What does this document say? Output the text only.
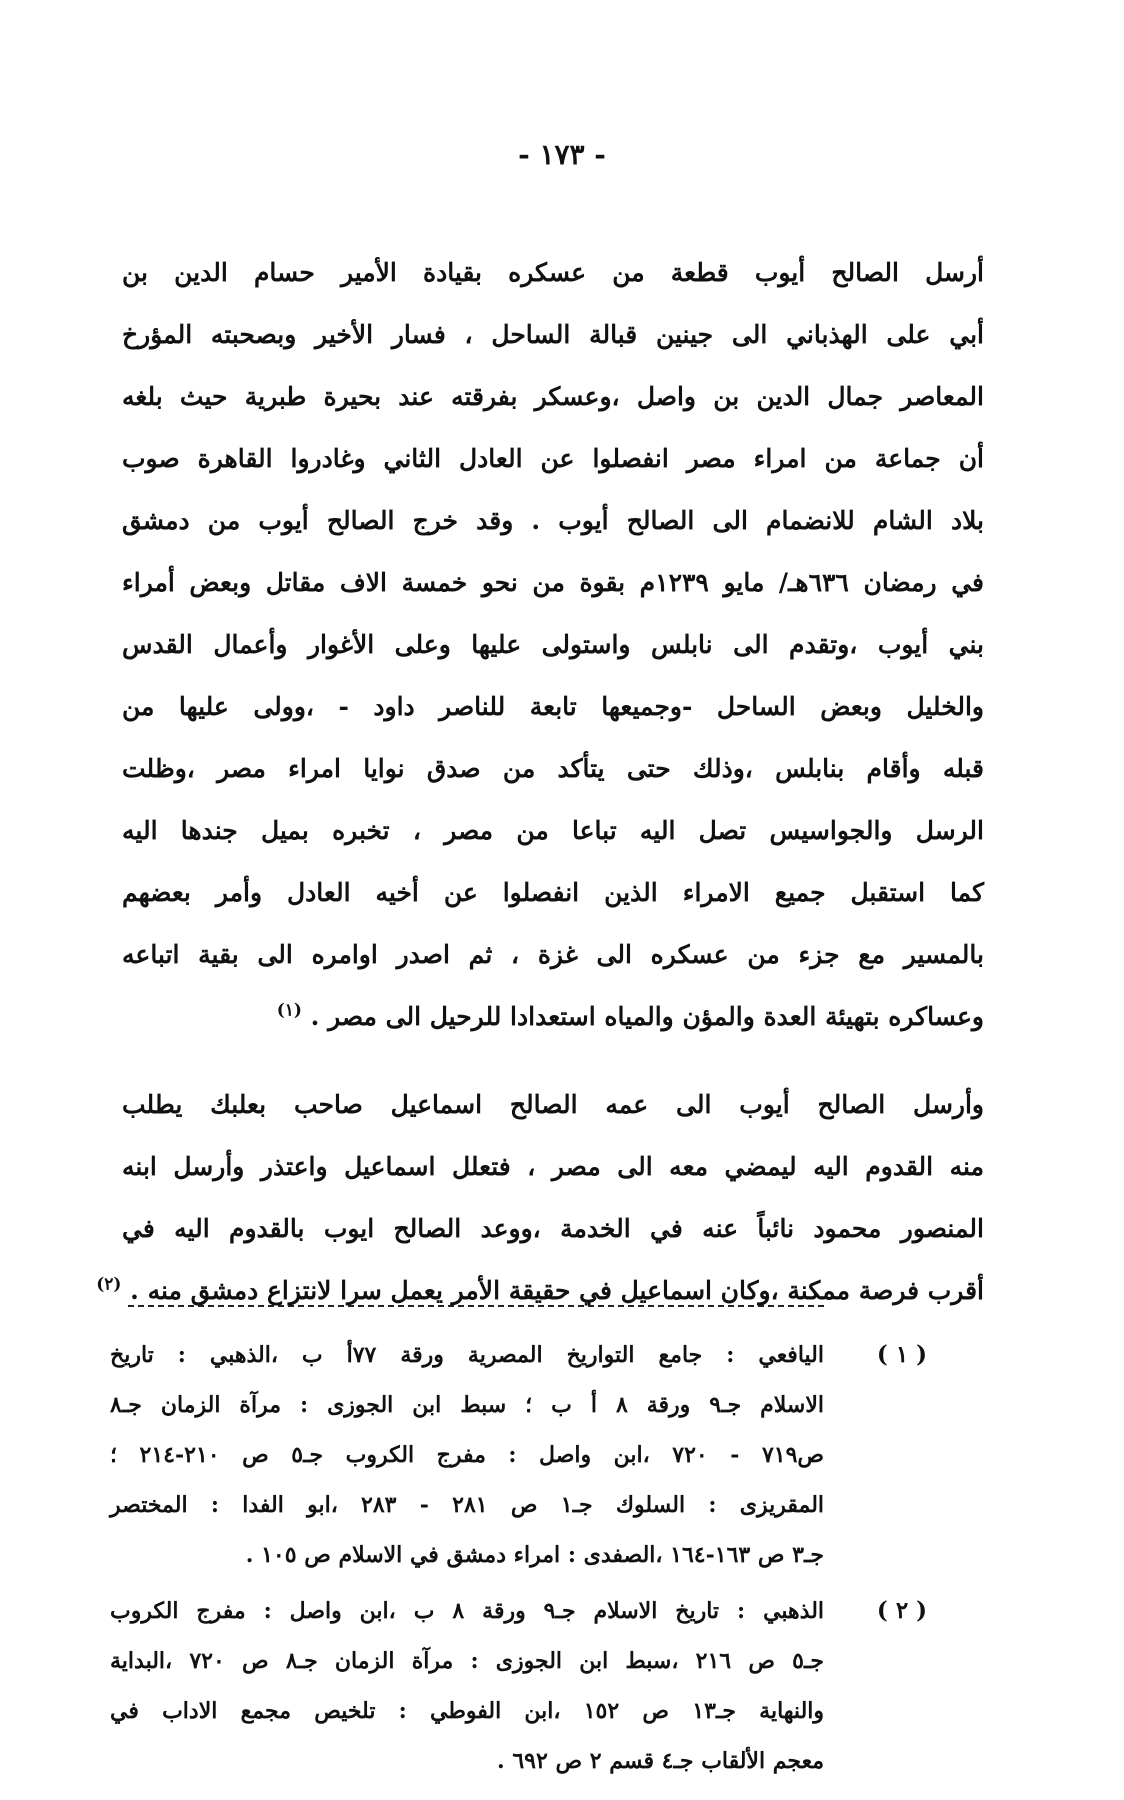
- ١٧٣ -
أرسل الصالح أيوب قطعة من عسكره بقيادة الأمير حسام الدين بن
أبي على الهذباني الى جينين قبالة الساحل ، فسار الأخير وبصحبته المؤرخ
المعاصر جمال الدين بن واصل ،وعسكر بفرقته عند بحيرة طبرية حيث بلغه
أن جماعة من امراء مصر انفصلوا عن العادل الثاني وغادروا القاهرة صوب
بلاد الشام للانضمام الى الصالح أيوب . وقد خرج الصالح أيوب من دمشق
في رمضان ٦٣٦هـ/ مايو ١٢٣٩م بقوة من نحو خمسة الاف مقاتل وبعض أمراء
بني أيوب ،وتقدم الى نابلس واستولى عليها وعلى الأغوار وأعمال القدس
والخليل وبعض الساحل -وجميعها تابعة للناصر داود - ،وولى عليها من
قبله وأقام بنابلس ،وذلك حتى يتأكد من صدق نوايا امراء مصر ،وظلت
الرسل والجواسيس تصل اليه تباعا من مصر ، تخبره بميل جندها اليه
كما استقبل جميع الامراء الذين انفصلوا عن أخيه العادل وأمر بعضهم
بالمسير مع جزء من عسكره الى غزة ، ثم اصدر اوامره الى بقية اتباعه
وعساكره بتهيئة العدة والمؤن والمياه استعدادا للرحيل الى مصر . $^{(١)}$
وأرسل الصالح أيوب الى عمه الصالح اسماعيل صاحب بعلبك يطلب
منه القدوم اليه ليمضي معه الى مصر ، فتعلل اسماعيل واعتذر وأرسل ابنه
المنصور محمود نائباً عنه في الخدمة ،ووعد الصالح ايوب بالقدوم اليه في
أقرب فرصة ممكنة ،وكان اسماعيل في حقيقة الأمر يعمل سرا لانتزاع دمشق منه . $^{(٢)}$
( ١ )
اليافعي : جامع التواريخ المصرية ورقة ٧٧أ ب ،الذهبي : تاريخ
الاسلام جـ٩ ورقة ٨ أ ب ؛ سبط ابن الجوزى : مرآة الزمان جـ٨
ص٧١٩ - ٧٢٠ ،ابن واصل : مفرج الكروب جـ٥ ص ٢١٠-٢١٤ ؛
المقريزى : السلوك جـ١ ص ٢٨١ - ٢٨٣ ،ابو الفدا : المختصر
جـ٣ ص ١٦٣-١٦٤ ،الصفدى : امراء دمشق في الاسلام ص ١٠٥ .
( ٢ )
الذهبي : تاريخ الاسلام جـ٩ ورقة ٨ ب ،ابن واصل : مفرج الكروب
جـ٥ ص ٢١٦ ،سبط ابن الجوزى : مرآة الزمان جـ٨ ص ٧٢٠ ،البداية
والنهاية جـ١٣ ص ١٥٢ ،ابن الفوطي : تلخيص مجمع الاداب في
معجم الألقاب جـ٤ قسم ٢ ص ٦٩٢ .
